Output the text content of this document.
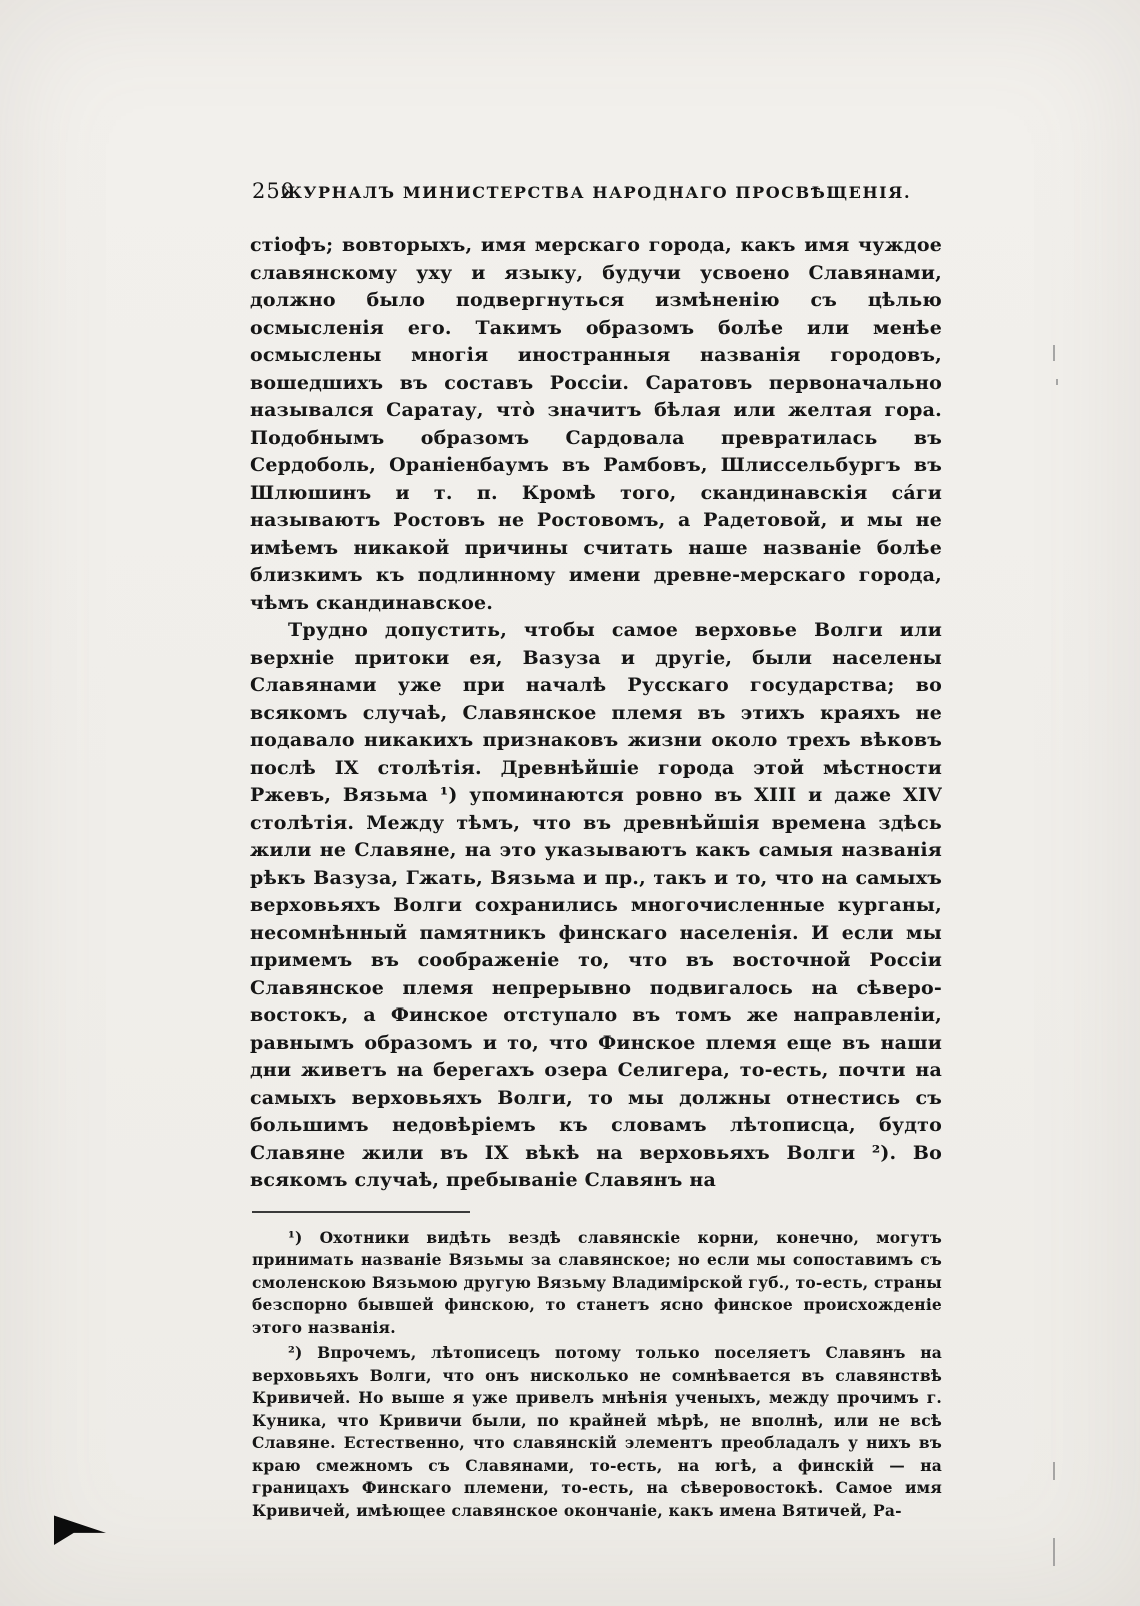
250
ЖУРНАЛЪ МИНИСТЕРСТВА НАРОДНАГО ПРОСВѢЩЕНІЯ.

стіофъ; вовторыхъ, имя мерскаго города, какъ имя чуждое славянскому уху и языку, будучи усвоено Славянами, должно было подвергнуться измѣненію съ цѣлью осмысленія его. Такимъ образомъ болѣе или менѣе осмыслены многія иностранныя названія городовъ, вошедшихъ въ составъ Россіи. Саратовъ первоначально назывался Саратау, чтò значитъ бѣлая или желтая гора. Подобнымъ образомъ Сардовала превратилась въ Сердоболь, Ораніенбаумъ въ Рамбовъ, Шлиссельбургъ въ Шлюшинъ и т. п. Кромѣ того, скандинавскія сáги называютъ Ростовъ не Ростовомъ, а Радетовой, и мы не имѣемъ никакой причины считать наше названіе болѣе близкимъ къ подлинному имени древне-мерскаго города, чѣмъ скандинавское.

Трудно допустить, чтобы самое верховье Волги или верхніе притоки ея, Вазуза и другіе, были населены Славянами уже при началѣ Русскаго государства; во всякомъ случаѣ, Славянское племя въ этихъ краяхъ не подавало никакихъ признаковъ жизни около трехъ вѣковъ послѣ IX столѣтія. Древнѣйшіе города этой мѣстности Ржевъ, Вязьма ¹) упоминаются ровно въ XIII и даже XIV столѣтія. Между тѣмъ, что въ древнѣйшія времена здѣсь жили не Славяне, на это указываютъ какъ самыя названія рѣкъ Вазуза, Гжать, Вязьма и пр., такъ и то, что на самыхъ верховьяхъ Волги сохранились многочисленные курганы, несомнѣнный памятникъ финскаго населенія. И если мы примемъ въ соображеніе то, что въ восточной Россіи Славянское племя непрерывно подвигалось на сѣверо-востокъ, а Финское отступало въ томъ же направленіи, равнымъ образомъ и то, что Финское племя еще въ наши дни живетъ на берегахъ озера Селигера, то-есть, почти на самыхъ верховьяхъ Волги, то мы должны отнестись съ большимъ недовѣріемъ къ словамъ лѣтописца, будто Славяне жили въ IX вѣкѣ на верховьяхъ Волги ²). Во всякомъ случаѣ, пребываніе Славянъ на

¹) Охотники видѣть вездѣ славянскіе корни, конечно, могутъ принимать названіе Вязьмы за славянское; но если мы сопоставимъ съ смоленскою Вязьмою другую Вязьму Владимірской губ., то-есть, страны безспорно бывшей финскою, то станетъ ясно финское происхожденіе этого названія.

²) Впрочемъ, лѣтописецъ потому только поселяетъ Славянъ на верховьяхъ Волги, что онъ нисколько не сомнѣвается въ славянствѣ Кривичей. Но выше я уже привелъ мнѣнія ученыхъ, между прочимъ г. Куника, что Кривичи были, по крайней мѣрѣ, не вполнѣ, или не всѣ Славяне. Естественно, что славянскій элементъ преобладалъ у нихъ въ краю смежномъ съ Славянами, то-есть, на югѣ, а финскій — на границахъ Финскаго племени, то-есть, на сѣверовостокѣ. Самое имя Кривичей, имѣющее славянское окончаніе, какъ имена Вятичей, Ра-
